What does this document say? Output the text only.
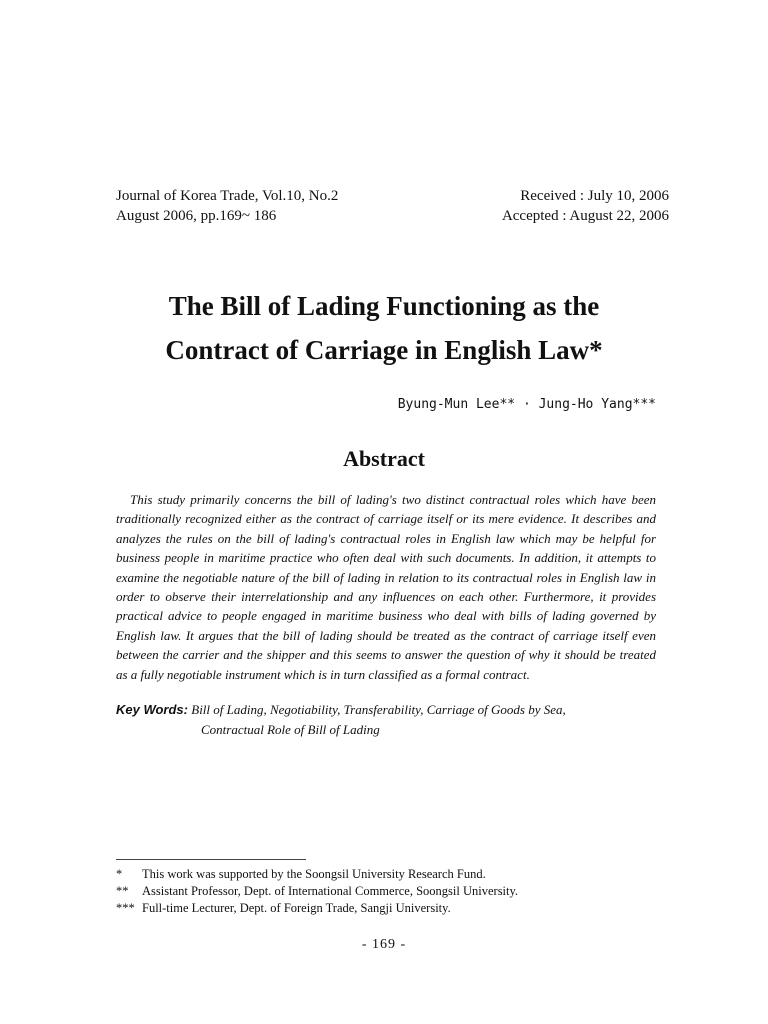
Journal of Korea Trade, Vol.10, No.2
August 2006, pp.169~ 186
Received : July 10, 2006
Accepted : August 22, 2006
The Bill of Lading Functioning as the
Contract of Carriage in English Law*
Byung-Mun Lee** · Jung-Ho Yang***
Abstract
This study primarily concerns the bill of lading's two distinct contractual roles which have been traditionally recognized either as the contract of carriage itself or its mere evidence. It describes and analyzes the rules on the bill of lading's contractual roles in English law which may be helpful for business people in maritime practice who often deal with such documents. In addition, it attempts to examine the negotiable nature of the bill of lading in relation to its contractual roles in English law in order to observe their interrelationship and any influences on each other. Furthermore, it provides practical advice to people engaged in maritime business who deal with bills of lading governed by English law. It argues that the bill of lading should be treated as the contract of carriage itself even between the carrier and the shipper and this seems to answer the question of why it should be treated as a fully negotiable instrument which is in turn classified as a formal contract.
Key Words: Bill of Lading, Negotiability, Transferability, Carriage of Goods by Sea,
Contractual Role of Bill of Lading
*	This work was supported by the Soongsil University Research Fund.
**	Assistant Professor, Dept. of International Commerce, Soongsil University.
*** Full-time Lecturer, Dept. of Foreign Trade, Sangji University.
- 169 -
